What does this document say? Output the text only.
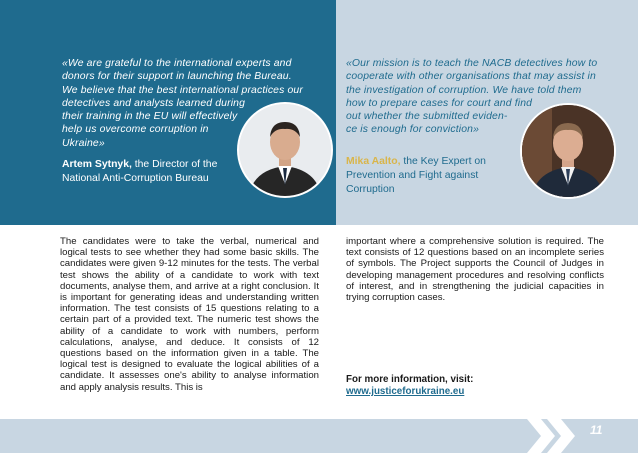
«We are grateful to the international experts and
donors for their support in launching the Bureau.
We believe that the best international practices our
detectives and analysts learned during
their training in the EU will effectively
help us overcome corruption in
Ukraine»
Artem Sytnyk, the Director of the National Anti-Corruption Bureau
«Our mission is to teach the NACB detectives how to
cooperate with other organisations that may assist in
the investigation of corruption. We have told them
how to prepare cases for court and find
out whether the submitted eviden-
ce is enough for conviction»
Mika Aalto, the Key Expert on Prevention and Fight against Corruption

The candidates were to take the verbal, numerical and logical tests to see whether they had some basic skills. The candidates were given 9-12 minutes for the tests. The verbal test shows the ability of a candidate to work with text documents, analyse them, and arrive at a right conclusion. It is important for generating ideas and understanding written information. The test consists of 15 questions relating to a certain part of a provided text. The numeric test shows the ability of a candidate to work with numbers, perform calculations, analyse, and deduce. It consists of 12 questions based on the information given in a table. The logical test is designed to evaluate the logical abilities of a candidate. It assesses one's ability to analyse information and apply analysis results. This is

important where a comprehensive solution is required. The text consists of 12 questions based on an incomplete series of symbols. The Project supports the Council of Judges in developing management procedures and resolving conflicts of interest, and in strengthening the judicial capacities in trying corruption cases.

For more information, visit:
www.justiceforukraine.eu
11
